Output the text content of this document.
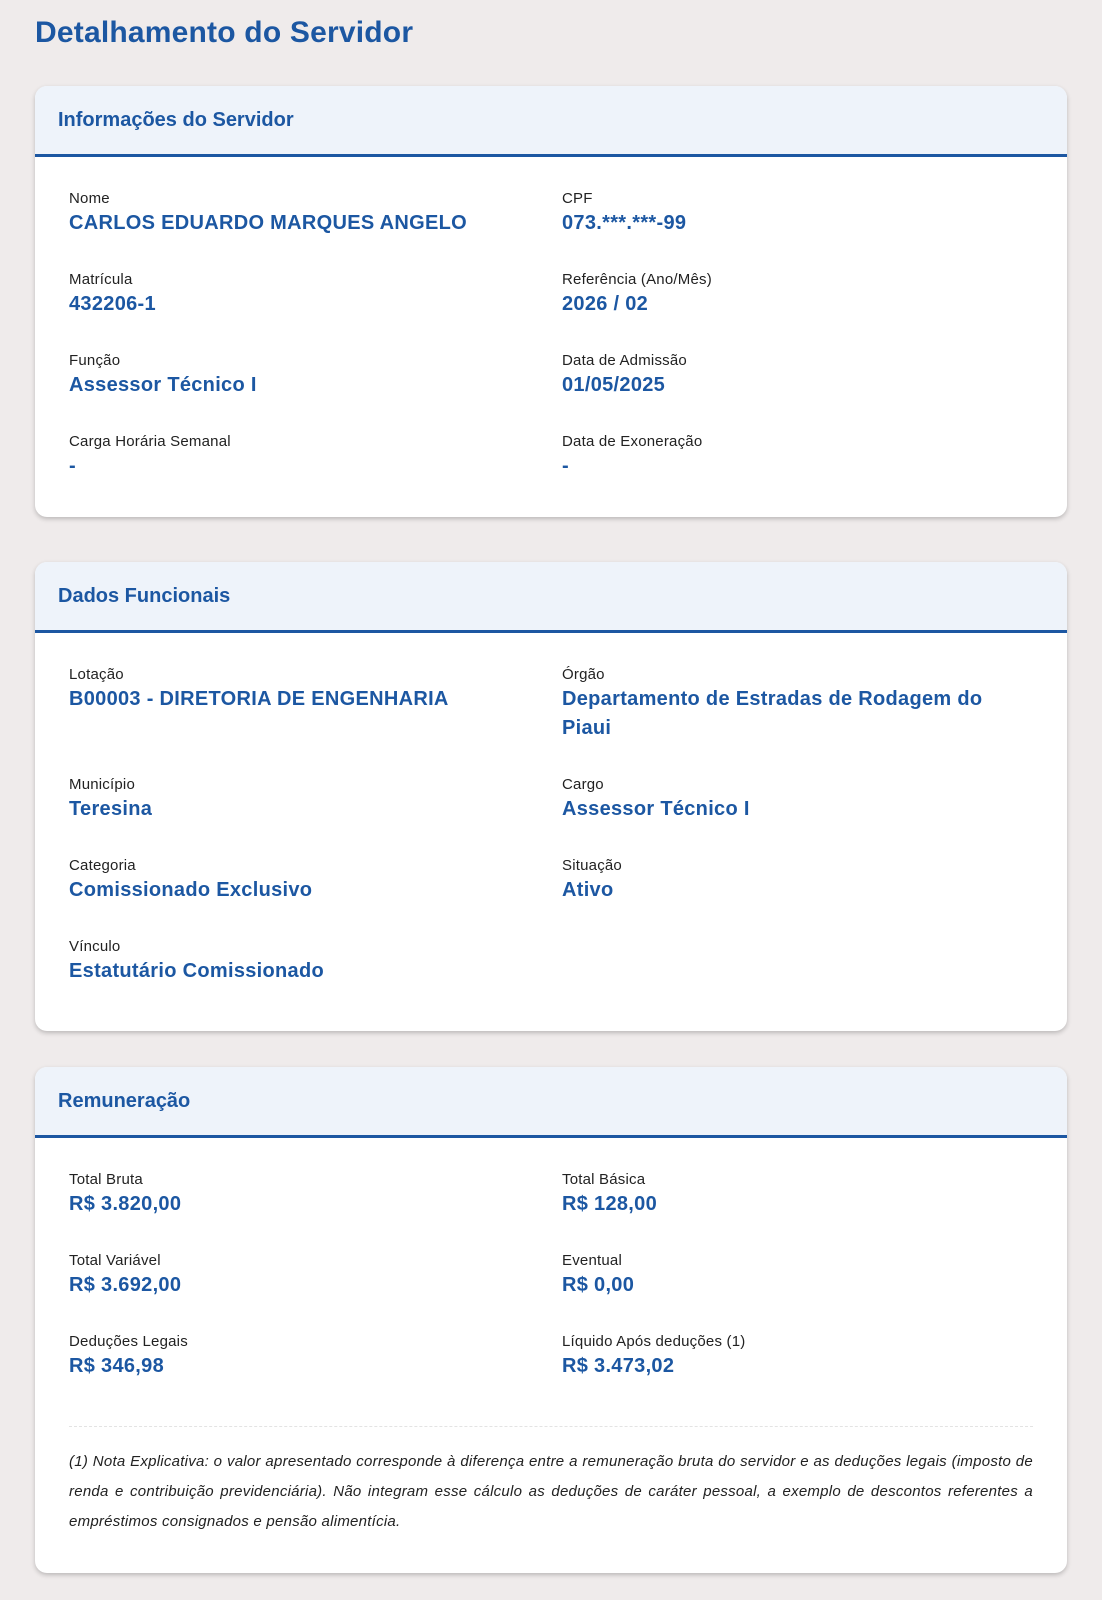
Detalhamento do Servidor
Informações do Servidor
Nome
CARLOS EDUARDO MARQUES ANGELO
CPF
073.***.***-99
Matrícula
432206-1
Referência (Ano/Mês)
2026 / 02
Função
Assessor Técnico I
Data de Admissão
01/05/2025
Carga Horária Semanal
-
Data de Exoneração
-
Dados Funcionais
Lotação
B00003 - DIRETORIA DE ENGENHARIA
Órgão
Departamento de Estradas de Rodagem do Piaui
Município
Teresina
Cargo
Assessor Técnico I
Categoria
Comissionado Exclusivo
Situação
Ativo
Vínculo
Estatutário Comissionado
Remuneração
Total Bruta
R$ 3.820,00
Total Básica
R$ 128,00
Total Variável
R$ 3.692,00
Eventual
R$ 0,00
Deduções Legais
R$ 346,98
Líquido Após deduções (1)
R$ 3.473,02

(1) Nota Explicativa: o valor apresentado corresponde à diferença entre a remuneração bruta do servidor e as deduções legais (imposto de renda e contribuição previdenciária). Não integram esse cálculo as deduções de caráter pessoal, a exemplo de descontos referentes a empréstimos consignados e pensão alimentícia.
